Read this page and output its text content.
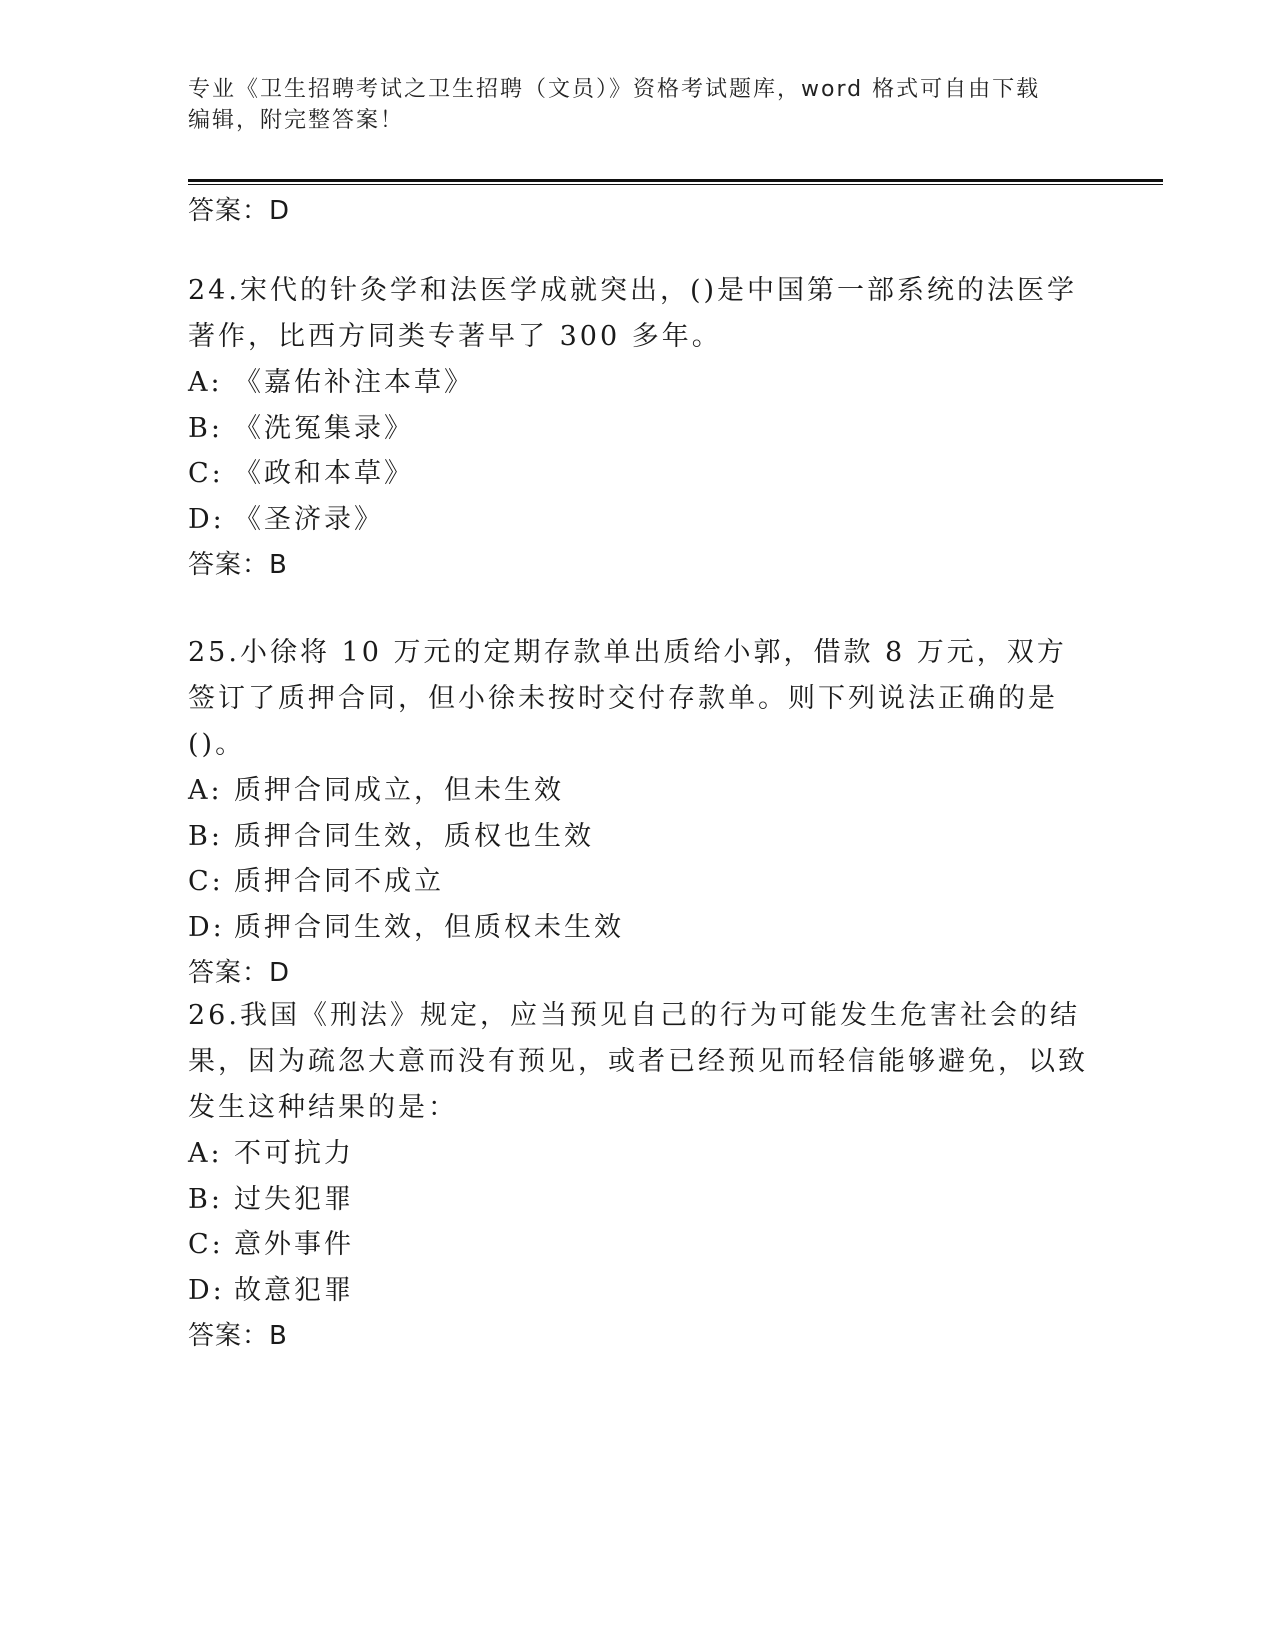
专业《卫生招聘考试之卫生招聘（文员）》资格考试题库，word 格式可自由下载
编辑，附完整答案！
答案：D

24.宋代的针灸学和法医学成就突出，()是中国第一部系统的法医学著作，比西方同类专著早了 300 多年。

A: 《嘉佑补注本草》
B: 《洗冤集录》
C: 《政和本草》
D: 《圣济录》
答案：B

25.小徐将 10 万元的定期存款单出质给小郭，借款 8 万元，双方签订了质押合同，但小徐未按时交付存款单。则下列说法正确的是()。

A: 质押合同成立，但未生效
B: 质押合同生效，质权也生效
C: 质押合同不成立
D: 质押合同生效，但质权未生效
答案：D

26.我国《刑法》规定，应当预见自己的行为可能发生危害社会的结果，因为疏忽大意而没有预见，或者已经预见而轻信能够避免，以致发生这种结果的是：

A: 不可抗力
B: 过失犯罪
C: 意外事件
D: 故意犯罪
答案：B
